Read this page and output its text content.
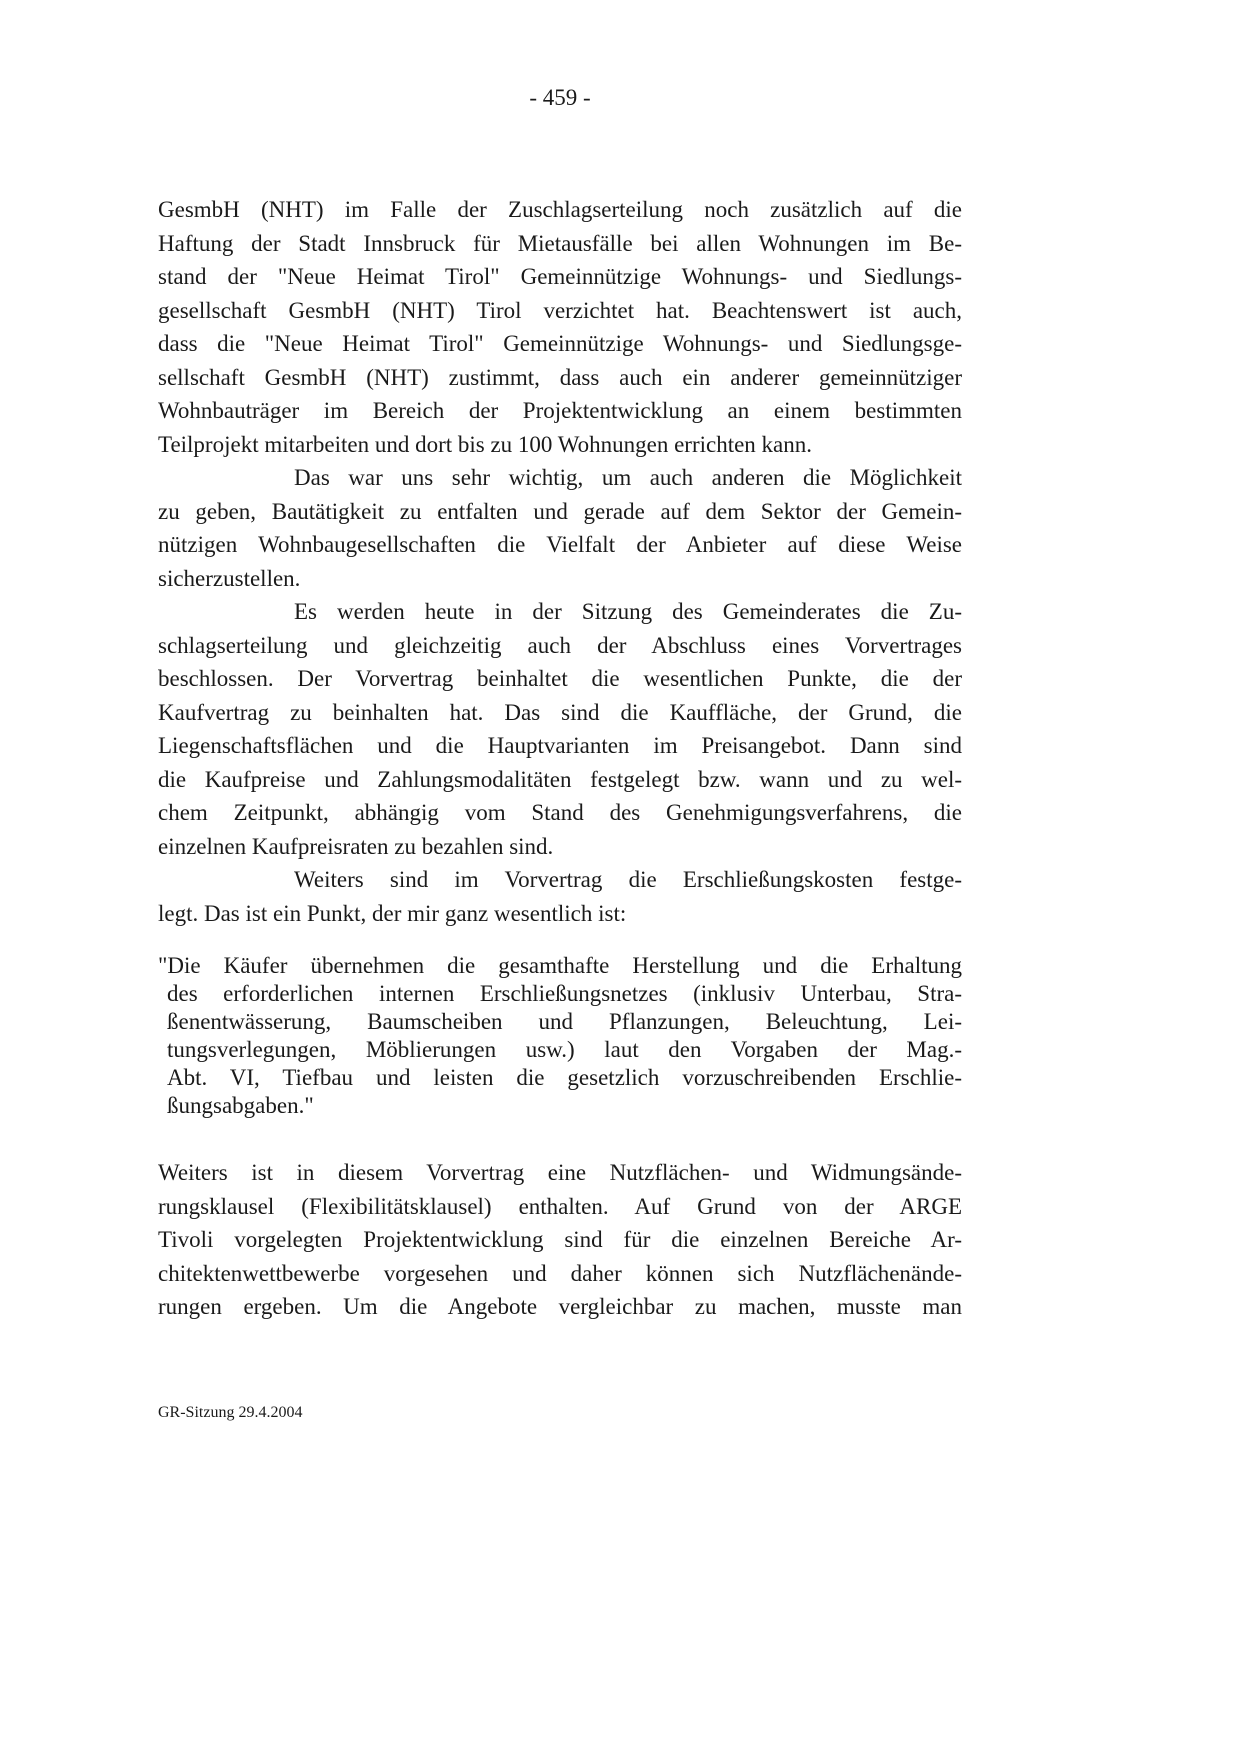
- 459 -
GesmbH (NHT) im Falle der Zuschlagserteilung noch zusätzlich auf die
Haftung der Stadt Innsbruck für Mietausfälle bei allen Wohnungen im Be-
stand der "Neue Heimat Tirol" Gemeinnützige Wohnungs- und Siedlungs-
gesellschaft GesmbH (NHT) Tirol verzichtet hat. Beachtenswert ist auch,
dass die "Neue Heimat Tirol" Gemeinnützige Wohnungs- und Siedlungsge-
sellschaft GesmbH (NHT) zustimmt, dass auch ein anderer gemeinnütziger
Wohnbauträger im Bereich der Projektentwicklung an einem bestimmten
Teilprojekt mitarbeiten und dort bis zu 100 Wohnungen errichten kann.
Das war uns sehr wichtig, um auch anderen die Möglichkeit
zu geben, Bautätigkeit zu entfalten und gerade auf dem Sektor der Gemein-
nützigen Wohnbaugesellschaften die Vielfalt der Anbieter auf diese Weise
sicherzustellen.
Es werden heute in der Sitzung des Gemeinderates die Zu-
schlagserteilung und gleichzeitig auch der Abschluss eines Vorvertrages
beschlossen. Der Vorvertrag beinhaltet die wesentlichen Punkte, die der
Kaufvertrag zu beinhalten hat. Das sind die Kauffläche, der Grund, die
Liegenschaftsflächen und die Hauptvarianten im Preisangebot. Dann sind
die Kaufpreise und Zahlungsmodalitäten festgelegt bzw. wann und zu wel-
chem Zeitpunkt, abhängig vom Stand des Genehmigungsverfahrens, die
einzelnen Kaufpreisraten zu bezahlen sind.
Weiters sind im Vorvertrag die Erschließungskosten festge-
legt. Das ist ein Punkt, der mir ganz wesentlich ist:
"Die Käufer übernehmen die gesamthafte Herstellung und die Erhaltung
des erforderlichen internen Erschließungsnetzes (inklusiv Unterbau, Stra-
ßenentwässerung, Baumscheiben und Pflanzungen, Beleuchtung, Lei-
tungsverlegungen, Möblierungen usw.) laut den Vorgaben der Mag.-
Abt. VI, Tiefbau und leisten die gesetzlich vorzuschreibenden Erschlie-
ßungsabgaben."
Weiters ist in diesem Vorvertrag eine Nutzflächen- und Widmungsände-
rungsklausel (Flexibilitätsklausel) enthalten. Auf Grund von der ARGE
Tivoli vorgelegten Projektentwicklung sind für die einzelnen Bereiche Ar-
chitektenwettbewerbe vorgesehen und daher können sich Nutzflächenände-
rungen ergeben. Um die Angebote vergleichbar zu machen, musste man
GR-Sitzung 29.4.2004
